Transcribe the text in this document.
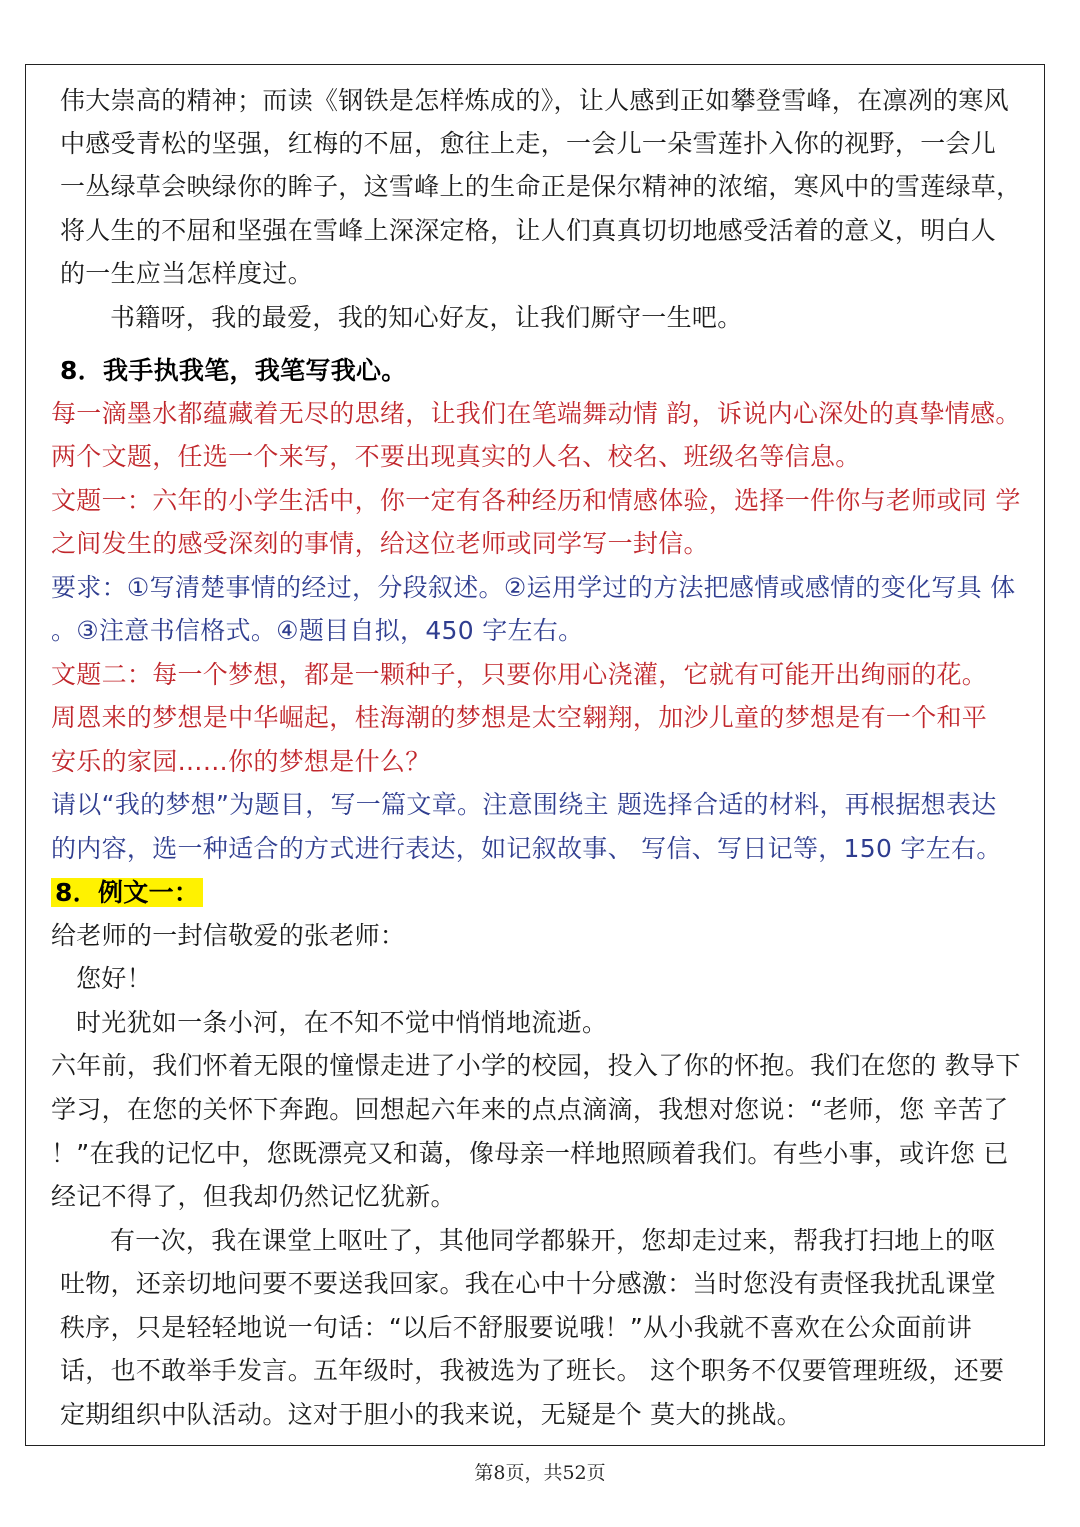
伟大崇高的精神；而读《钢铁是怎样炼成的》，让人感到正如攀登雪峰，在凛冽的寒风

中感受青松的坚强，红梅的不屈，愈往上走，一会儿一朵雪莲扑入你的视野，一会儿

一丛绿草会映绿你的眸子，这雪峰上的生命正是保尔精神的浓缩，寒风中的雪莲绿草，

将人生的不屈和坚强在雪峰上深深定格，让人们真真切切地感受活着的意义，明白人

的一生应当怎样度过。

书籍呀，我的最爱，我的知心好友，让我们厮守一生吧。

8．我手执我笔，我笔写我心。

每一滴墨水都蕴藏着无尽的思绪，让我们在笔端舞动情 韵，诉说内心深处的真挚情感。

两个文题，任选一个来写，不要出现真实的人名、校名、班级名等信息。

文题一：六年的小学生活中，你一定有各种经历和情感体验，选择一件你与老师或同 学

之间发生的感受深刻的事情，给这位老师或同学写一封信。

要求：①写清楚事情的经过，分段叙述。②运用学过的方法把感情或感情的变化写具 体

。③注意书信格式。④题目自拟，450 字左右。

文题二：每一个梦想，都是一颗种子，只要你用心浇灌，它就有可能开出绚丽的花。

周恩来的梦想是中华崛起，桂海潮的梦想是太空翱翔，加沙儿童的梦想是有一个和平

安乐的家园……你的梦想是什么？

请以“我的梦想”为题目，写一篇文章。注意围绕主 题选择合适的材料，再根据想表达

的内容，选一种适合的方式进行表达，如记叙故事、 写信、写日记等，150 字左右。

8．例文一：

给老师的一封信敬爱的张老师：

您好！

时光犹如一条小河，在不知不觉中悄悄地流逝。

六年前，我们怀着无限的憧憬走进了小学的校园，投入了你的怀抱。我们在您的 教导下

学习，在您的关怀下奔跑。回想起六年来的点点滴滴，我想对您说：“老师，您 辛苦了

！”在我的记忆中，您既漂亮又和蔼，像母亲一样地照顾着我们。有些小事，或许您 已

经记不得了，但我却仍然记忆犹新。

有一次，我在课堂上呕吐了，其他同学都躲开，您却走过来，帮我打扫地上的呕

吐物，还亲切地问要不要送我回家。我在心中十分感激：当时您没有责怪我扰乱课堂

秩序，只是轻轻地说一句话：“以后不舒服要说哦！”从小我就不喜欢在公众面前讲

话，也不敢举手发言。五年级时，我被选为了班长。 这个职务不仅要管理班级，还要

定期组织中队活动。这对于胆小的我来说，无疑是个 莫大的挑战。

第8页，共52页
